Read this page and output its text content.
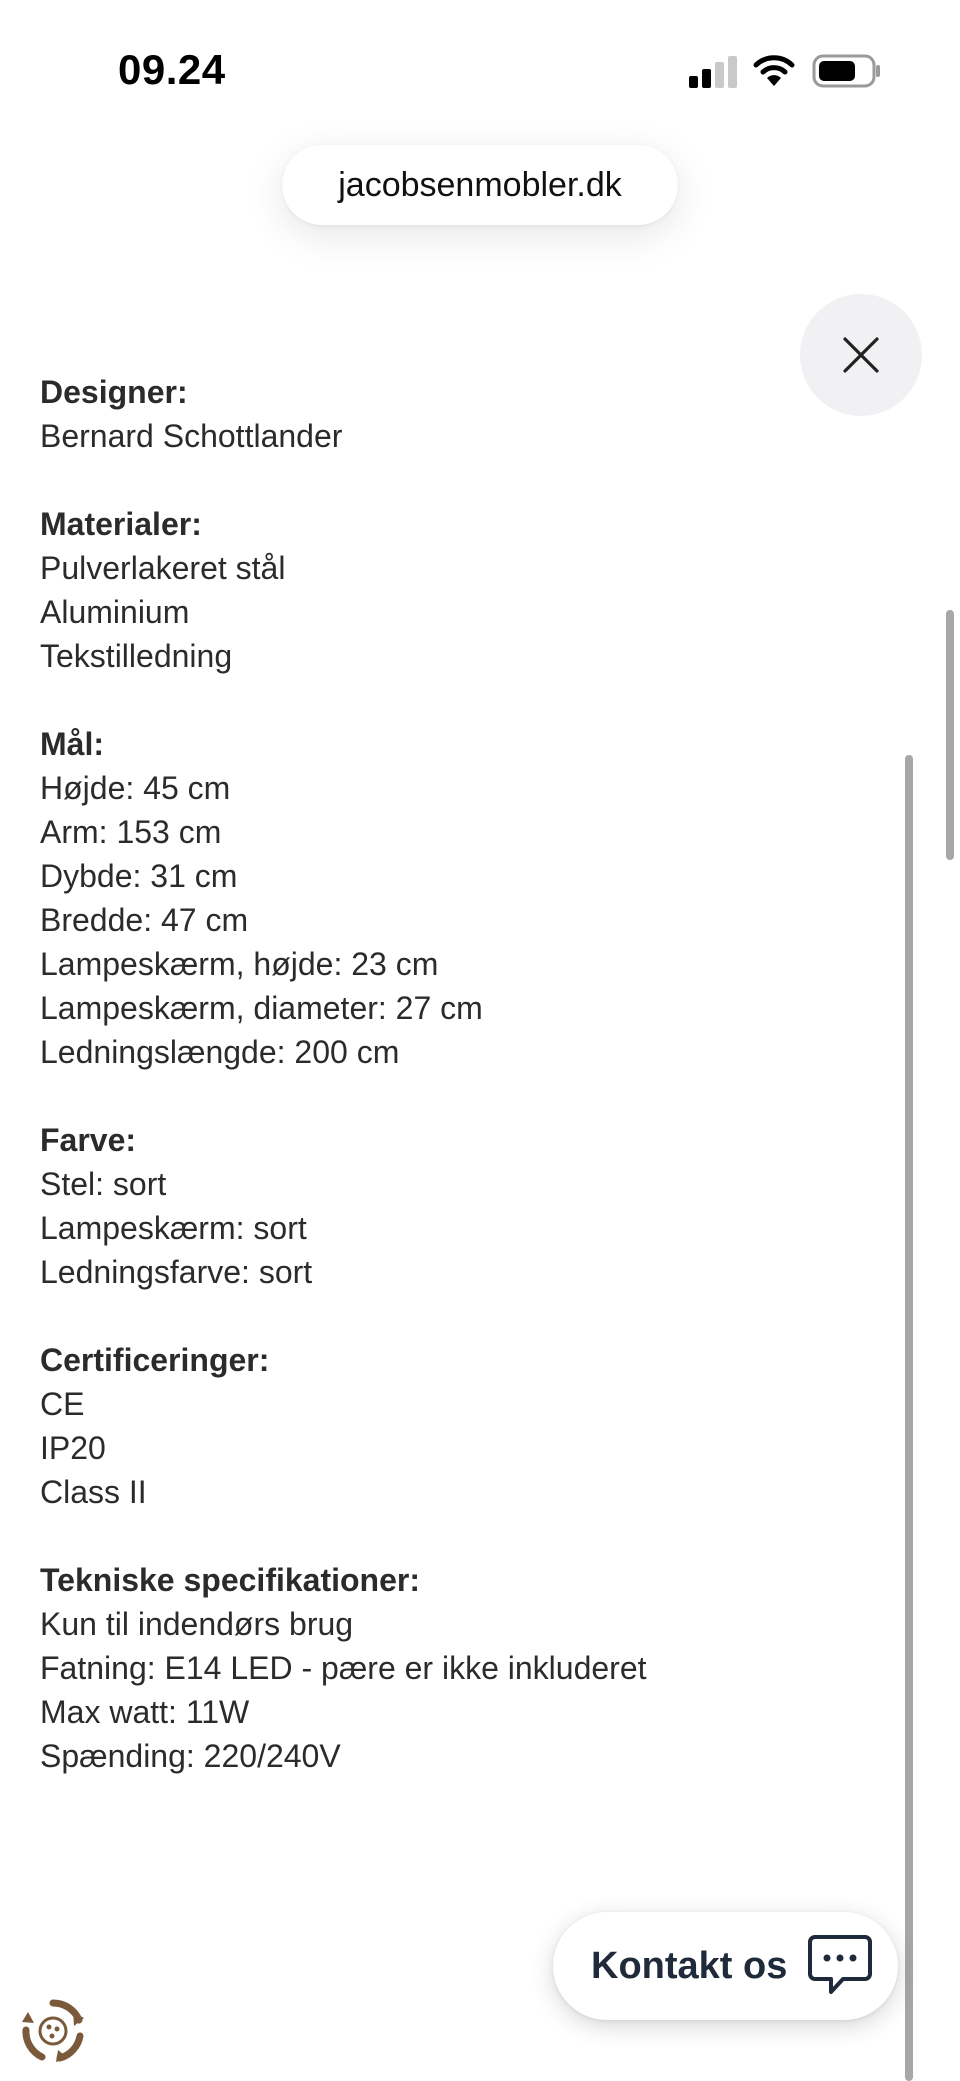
09.24
jacobsenmobler.dk
Designer:
Bernard Schottlander
Materialer:
Pulverlakeret stål
Aluminium
Tekstilledning
Mål:
Højde: 45 cm
Arm: 153 cm
Dybde: 31 cm
Bredde: 47 cm
Lampeskærm, højde: 23 cm
Lampeskærm, diameter: 27 cm
Ledningslængde: 200 cm
Farve:
Stel: sort
Lampeskærm: sort
Ledningsfarve: sort
Certificeringer:
CE
IP20
Class II
Tekniske specifikationer:
Kun til indendørs brug
Fatning: E14 LED - pære er ikke inkluderet
Max watt: 11W
Spænding: 220/240V
Kontakt os
